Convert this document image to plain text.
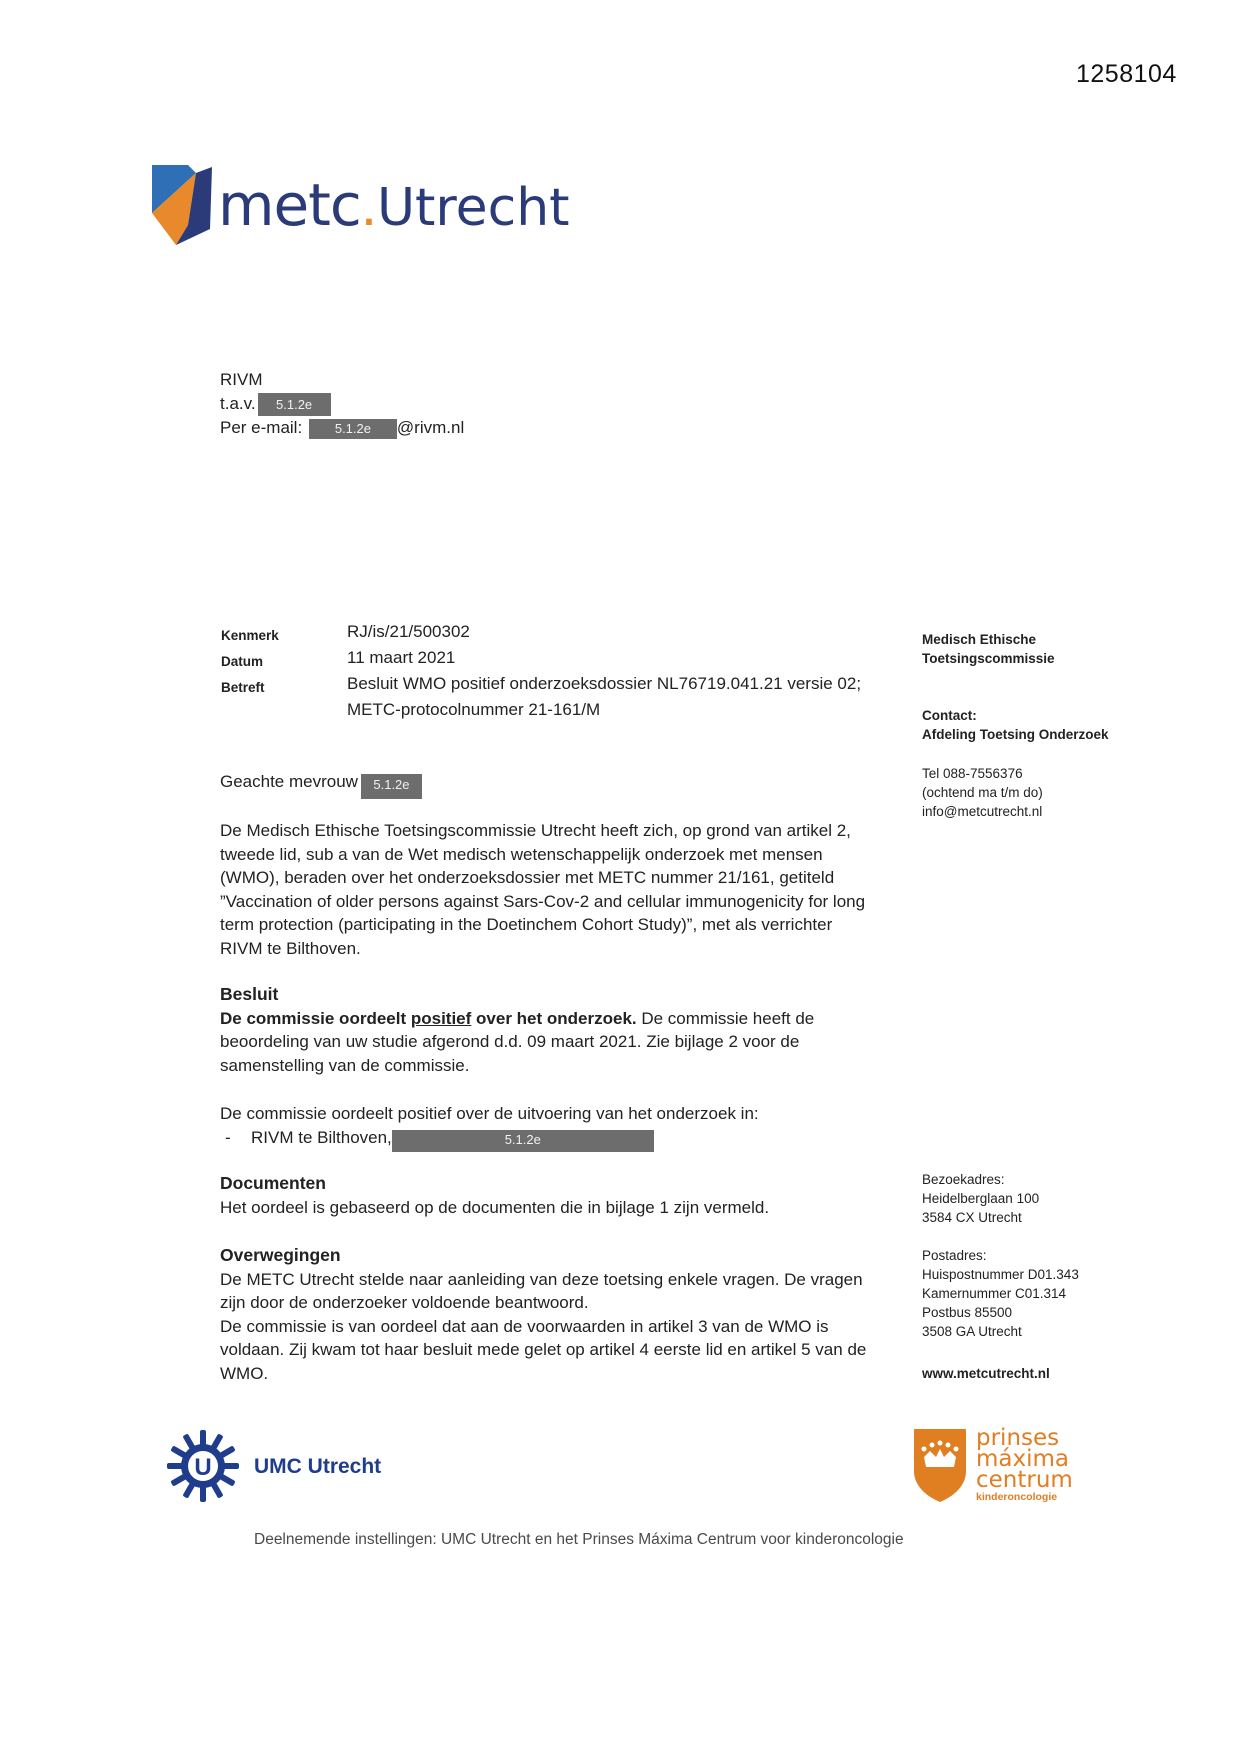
1258104
metc.Utrecht
RIVM
t.a.v. 5.1.2e
Per e-mail:	5.1.2e @rivm.nl
Kenmerk	RJ/is/21/500302
Datum	11 maart 2021
Betreft	Besluit WMO positief onderzoeksdossier NL76719.041.21 versie 02;
METC-protocolnummer 21-161/M
Medisch Ethische
Toetsingscommissie
Contact:
Afdeling Toetsing Onderzoek
Tel 088-7556376
(ochtend ma t/m do)
info@metcutrecht.nl
Bezoekadres:
Heidelberglaan 100
3584 CX Utrecht
Postadres:
Huispostnummer D01.343
Kamernummer C01.314
Postbus 85500
3508 GA Utrecht
www.metcutrecht.nl
Geachte mevrouw 5.1.2e
De Medisch Ethische Toetsingscommissie Utrecht heeft zich, op grond van artikel 2,
tweede lid, sub a van de Wet medisch wetenschappelijk onderzoek met mensen
(WMO), beraden over het onderzoeksdossier met METC nummer 21/161, getiteld
”Vaccination of older persons against Sars-Cov-2 and cellular immunogenicity for long
term protection (participating in the Doetinchem Cohort Study)”, met als verrichter
RIVM te Bilthoven.
Besluit
De commissie oordeelt positief over het onderzoek. De commissie heeft de
beoordeling van uw studie afgerond d.d. 09 maart 2021. Zie bijlage 2 voor de
samenstelling van de commissie.
De commissie oordeelt positief over de uitvoering van het onderzoek in:
- RIVM te Bilthoven,	5.1.2e
Documenten
Het oordeel is gebaseerd op de documenten die in bijlage 1 zijn vermeld.
Overwegingen
De METC Utrecht stelde naar aanleiding van deze toetsing enkele vragen. De vragen
zijn door de onderzoeker voldoende beantwoord.
De commissie is van oordeel dat aan de voorwaarden in artikel 3 van de WMO is
voldaan. Zij kwam tot haar besluit mede gelet op artikel 4 eerste lid en artikel 5 van de
WMO.
U UMC Utrecht
prinses
máxima
centrum
kinderoncologie
Deelnemende instellingen: UMC Utrecht en het Prinses Máxima Centrum voor kinderoncologie
